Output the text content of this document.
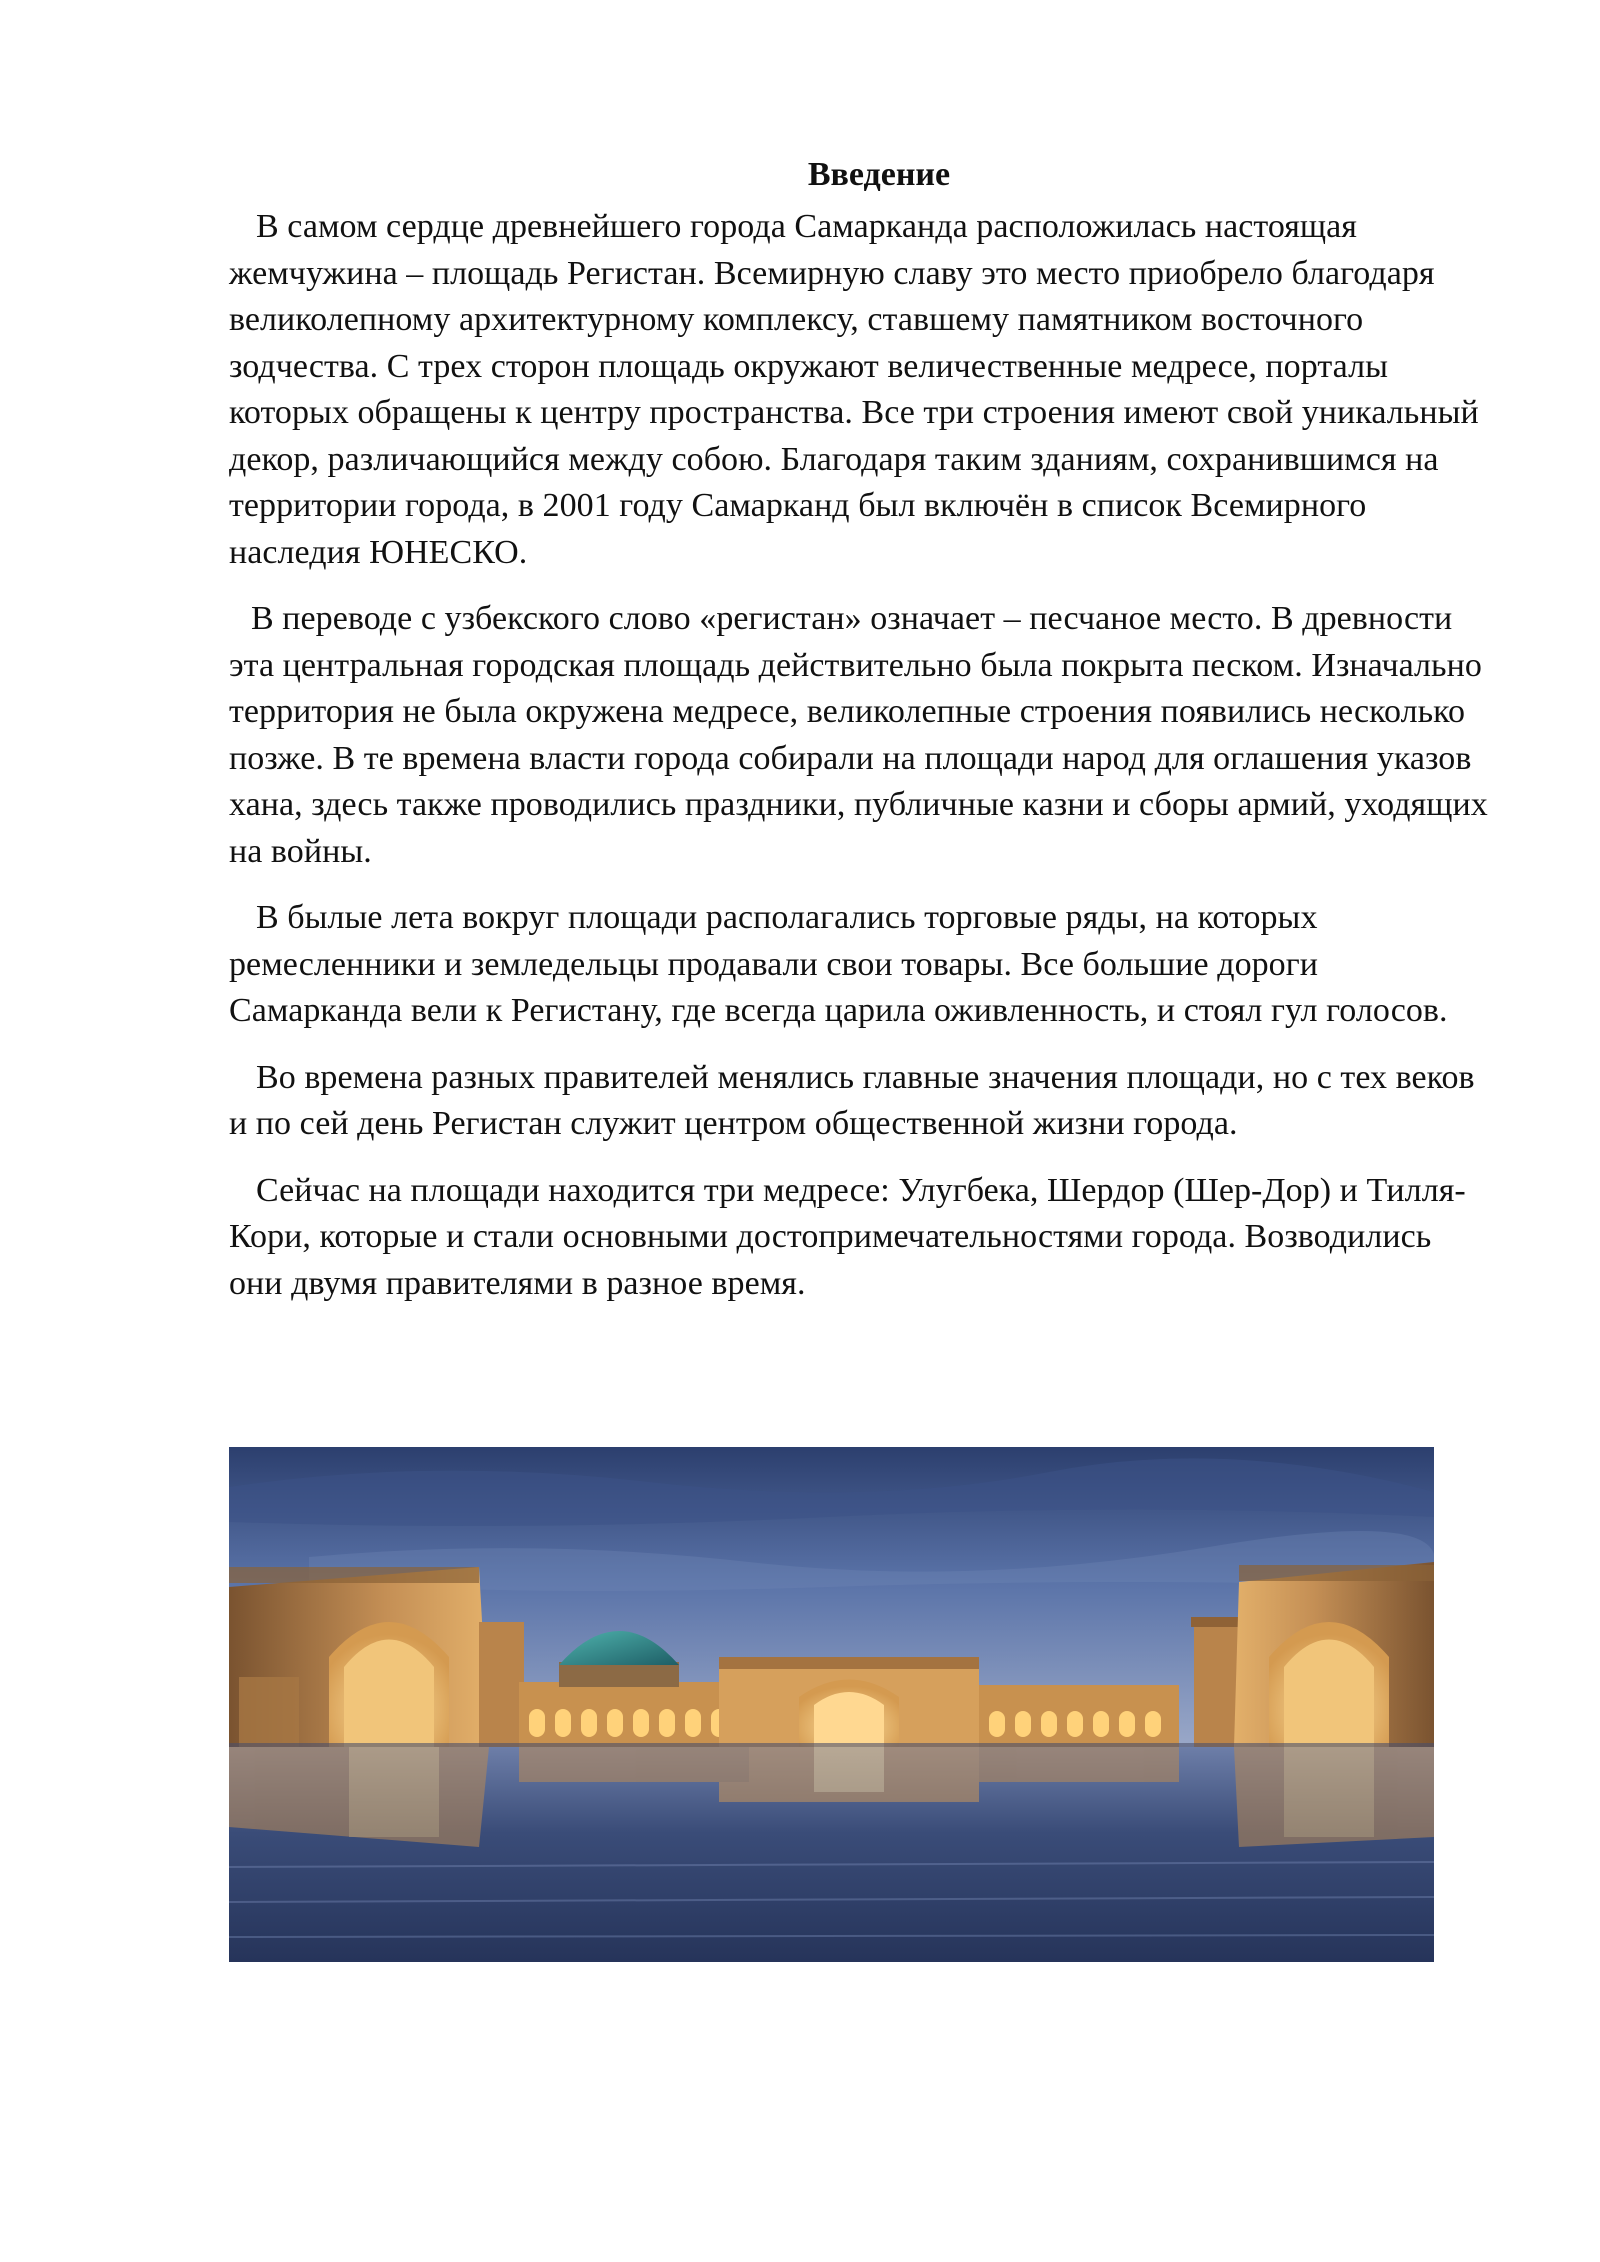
Введение

В самом сердце древнейшего города Самарканда расположилась настоящая жемчужина – площадь Регистан. Всемирную славу это место приобрело благодаря великолепному архитектурному комплексу, ставшему памятником восточного зодчества. С трех сторон площадь окружают величественные медресе, порталы которых обращены к центру пространства. Все три строения имеют свой уникальный декор, различающийся между собою. Благодаря таким зданиям, сохранившимся на территории города, в 2001 году Самарканд был включён в список Всемирного наследия ЮНЕСКО.

В переводе с узбекского слово «регистан» означает – песчаное место. В древности эта центральная городская площадь действительно была покрыта песком. Изначально территория не была окружена медресе, великолепные строения появились несколько позже. В те времена власти города собирали на площади народ для оглашения указов хана, здесь также проводились праздники, публичные казни и сборы армий, уходящих на войны.

В былые лета вокруг площади располагались торговые ряды, на которых ремесленники и земледельцы продавали свои товары. Все большие дороги Самарканда вели к Регистану, где всегда царила оживленность, и стоял гул голосов.

Во времена разных правителей менялись главные значения площади, но с тех веков и по сей день Регистан служит центром общественной жизни города.

Сейчас на площади находится три медресе: Улугбека, Шердор (Шер-Дор) и Тилля-Кори, которые и стали основными достопримечательностями города. Возводились они двумя правителями в разное время.
